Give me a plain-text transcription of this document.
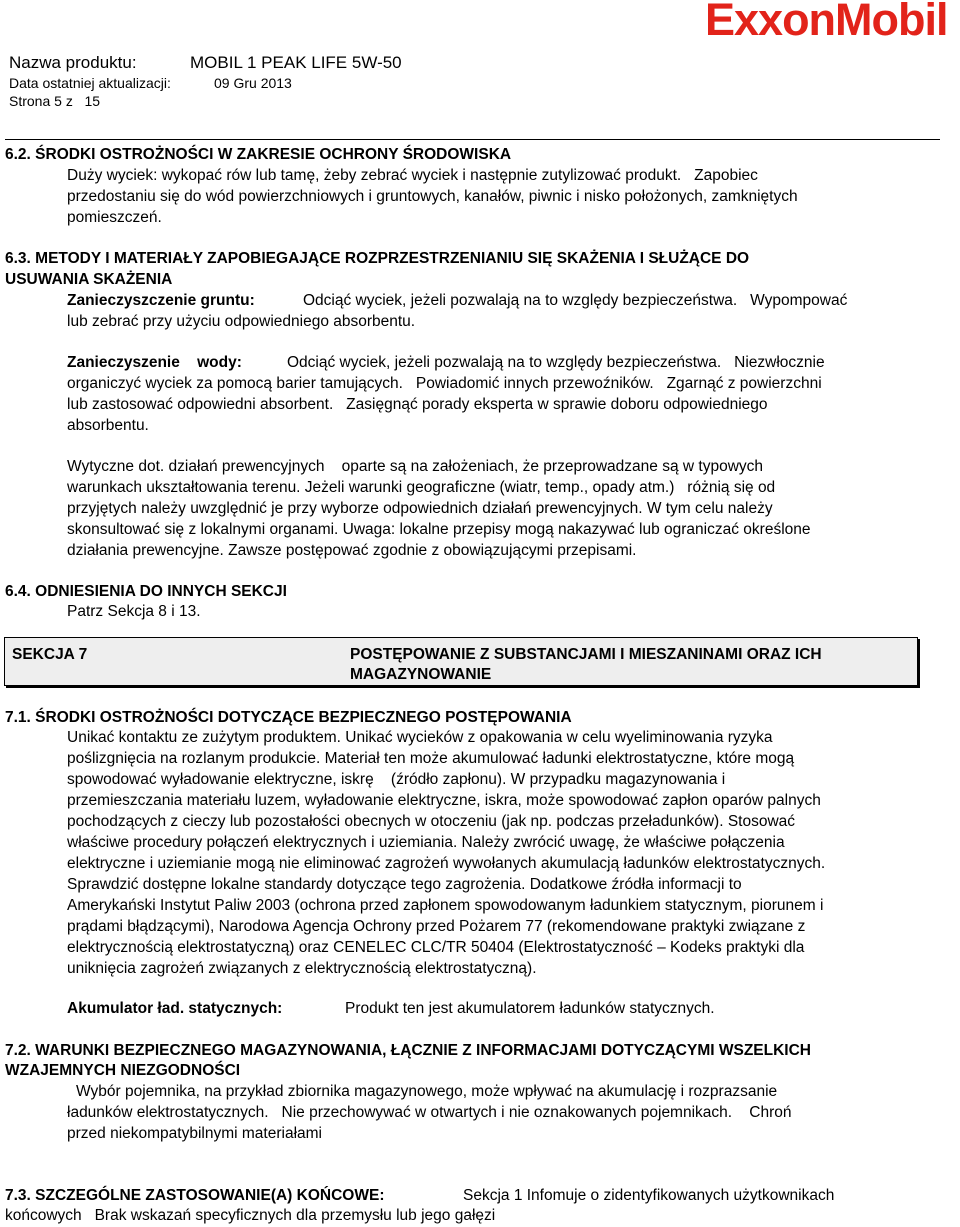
Nazwa produktu:	MOBIL 1 PEAK LIFE 5W-50
Data ostatniej aktualizacji:	09 Gru 2013
Strona 5 z   15
ExxonMobil
6.2. ŚRODKI OSTROŻNOŚCI W ZAKRESIE OCHRONY ŚRODOWISKA
Duży wyciek: wykopać rów lub tamę, żeby zebrać wyciek i następnie zutylizować produkt.   Zapobiec
przedostaniu się do wód powierzchniowych i gruntowych, kanałów, piwnic i nisko położonych, zamkniętych
pomieszczeń.
6.3. METODY I MATERIAŁY ZAPOBIEGAJĄCE ROZPRZESTRZENIANIU SIĘ SKAŻENIA I SŁUŻĄCE DO
USUWANIA SKAŻENIA
Zanieczyszczenie gruntu:	Odciąć wyciek, jeżeli pozwalają na to względy bezpieczeństwa.   Wypompować
lub zebrać przy użyciu odpowiedniego absorbentu.
Zanieczyszenie    wody:	Odciąć wyciek, jeżeli pozwalają na to względy bezpieczeństwa.   Niezwłocznie
organiczyć wyciek za pomocą barier tamujących.   Powiadomić innych przewoźników.   Zgarnąć z powierzchni
lub zastosować odpowiedni absorbent.   Zasięgnąć porady eksperta w sprawie doboru odpowiedniego
absorbentu.
Wytyczne dot. działań prewencyjnych    oparte są na założeniach, że przeprowadzane są w typowych
warunkach ukształtowania terenu. Jeżeli warunki geograficzne (wiatr, temp., opady atm.)   różnią się od
przyjętych należy uwzględnić je przy wyborze odpowiednich działań prewencyjnych. W tym celu należy
skonsultować się z lokalnymi organami. Uwaga: lokalne przepisy mogą nakazywać lub ograniczać określone
działania prewencyjne. Zawsze postępować zgodnie z obowiązującymi przepisami.
6.4. ODNIESIENIA DO INNYCH SEKCJI
Patrz Sekcja 8 i 13.
SEKCJA 7	POSTĘPOWANIE Z SUBSTANCJAMI I MIESZANINAMI ORAZ ICH
MAGAZYNOWANIE
7.1. ŚRODKI OSTROŻNOŚCI DOTYCZĄCE BEZPIECZNEGO POSTĘPOWANIA
Unikać kontaktu ze zużytym produktem. Unikać wycieków z opakowania w celu wyeliminowania ryzyka
poślizgnięcia na rozlanym produkcie. Materiał ten może akumulować ładunki elektrostatyczne, które mogą
spowodować wyładowanie elektryczne, iskrę    (źródło zapłonu). W przypadku magazynowania i
przemieszczania materiału luzem, wyładowanie elektryczne, iskra, może spowodować zapłon oparów palnych
pochodzących z cieczy lub pozostałości obecnych w otoczeniu (jak np. podczas przeładunków). Stosować
właściwe procedury połączeń elektrycznych i uziemiania. Należy zwrócić uwagę, że właściwe połączenia
elektryczne i uziemianie mogą nie eliminować zagrożeń wywołanych akumulacją ładunków elektrostatycznych.
Sprawdzić dostępne lokalne standardy dotyczące tego zagrożenia. Dodatkowe źródła informacji to
Amerykański Instytut Paliw 2003 (ochrona przed zapłonem spowodowanym ładunkiem statycznym, piorunem i
prądami błądzącymi), Narodowa Agencja Ochrony przed Pożarem 77 (rekomendowane praktyki związane z
elektrycznością elektrostatyczną) oraz CENELEC CLC/TR 50404 (Elektrostatyczność – Kodeks praktyki dla
uniknięcia zagrożeń związanych z elektrycznością elektrostatyczną).
Akumulator ład. statycznych:	Produkt ten jest akumulatorem ładunków statycznych.
7.2. WARUNKI BEZPIECZNEGO MAGAZYNOWANIA, ŁĄCZNIE Z INFORMACJAMI DOTYCZĄCYMI WSZELKICH
WZAJEMNYCH NIEZGODNOŚCI
Wybór pojemnika, na przykład zbiornika magazynowego, może wpływać na akumulację i rozprazsanie
ładunków elektrostatycznych.   Nie przechowywać w otwartych i nie oznakowanych pojemnikach.    Chroń
przed niekompatybilnymi materiałami
7.3. SZCZEGÓLNE ZASTOSOWANIE(A) KOŃCOWE:	Sekcja 1 Infomuje o zidentyfikowanych użytkownikach
końcowych   Brak wskazań specyficznych dla przemysłu lub jego gałęzi
